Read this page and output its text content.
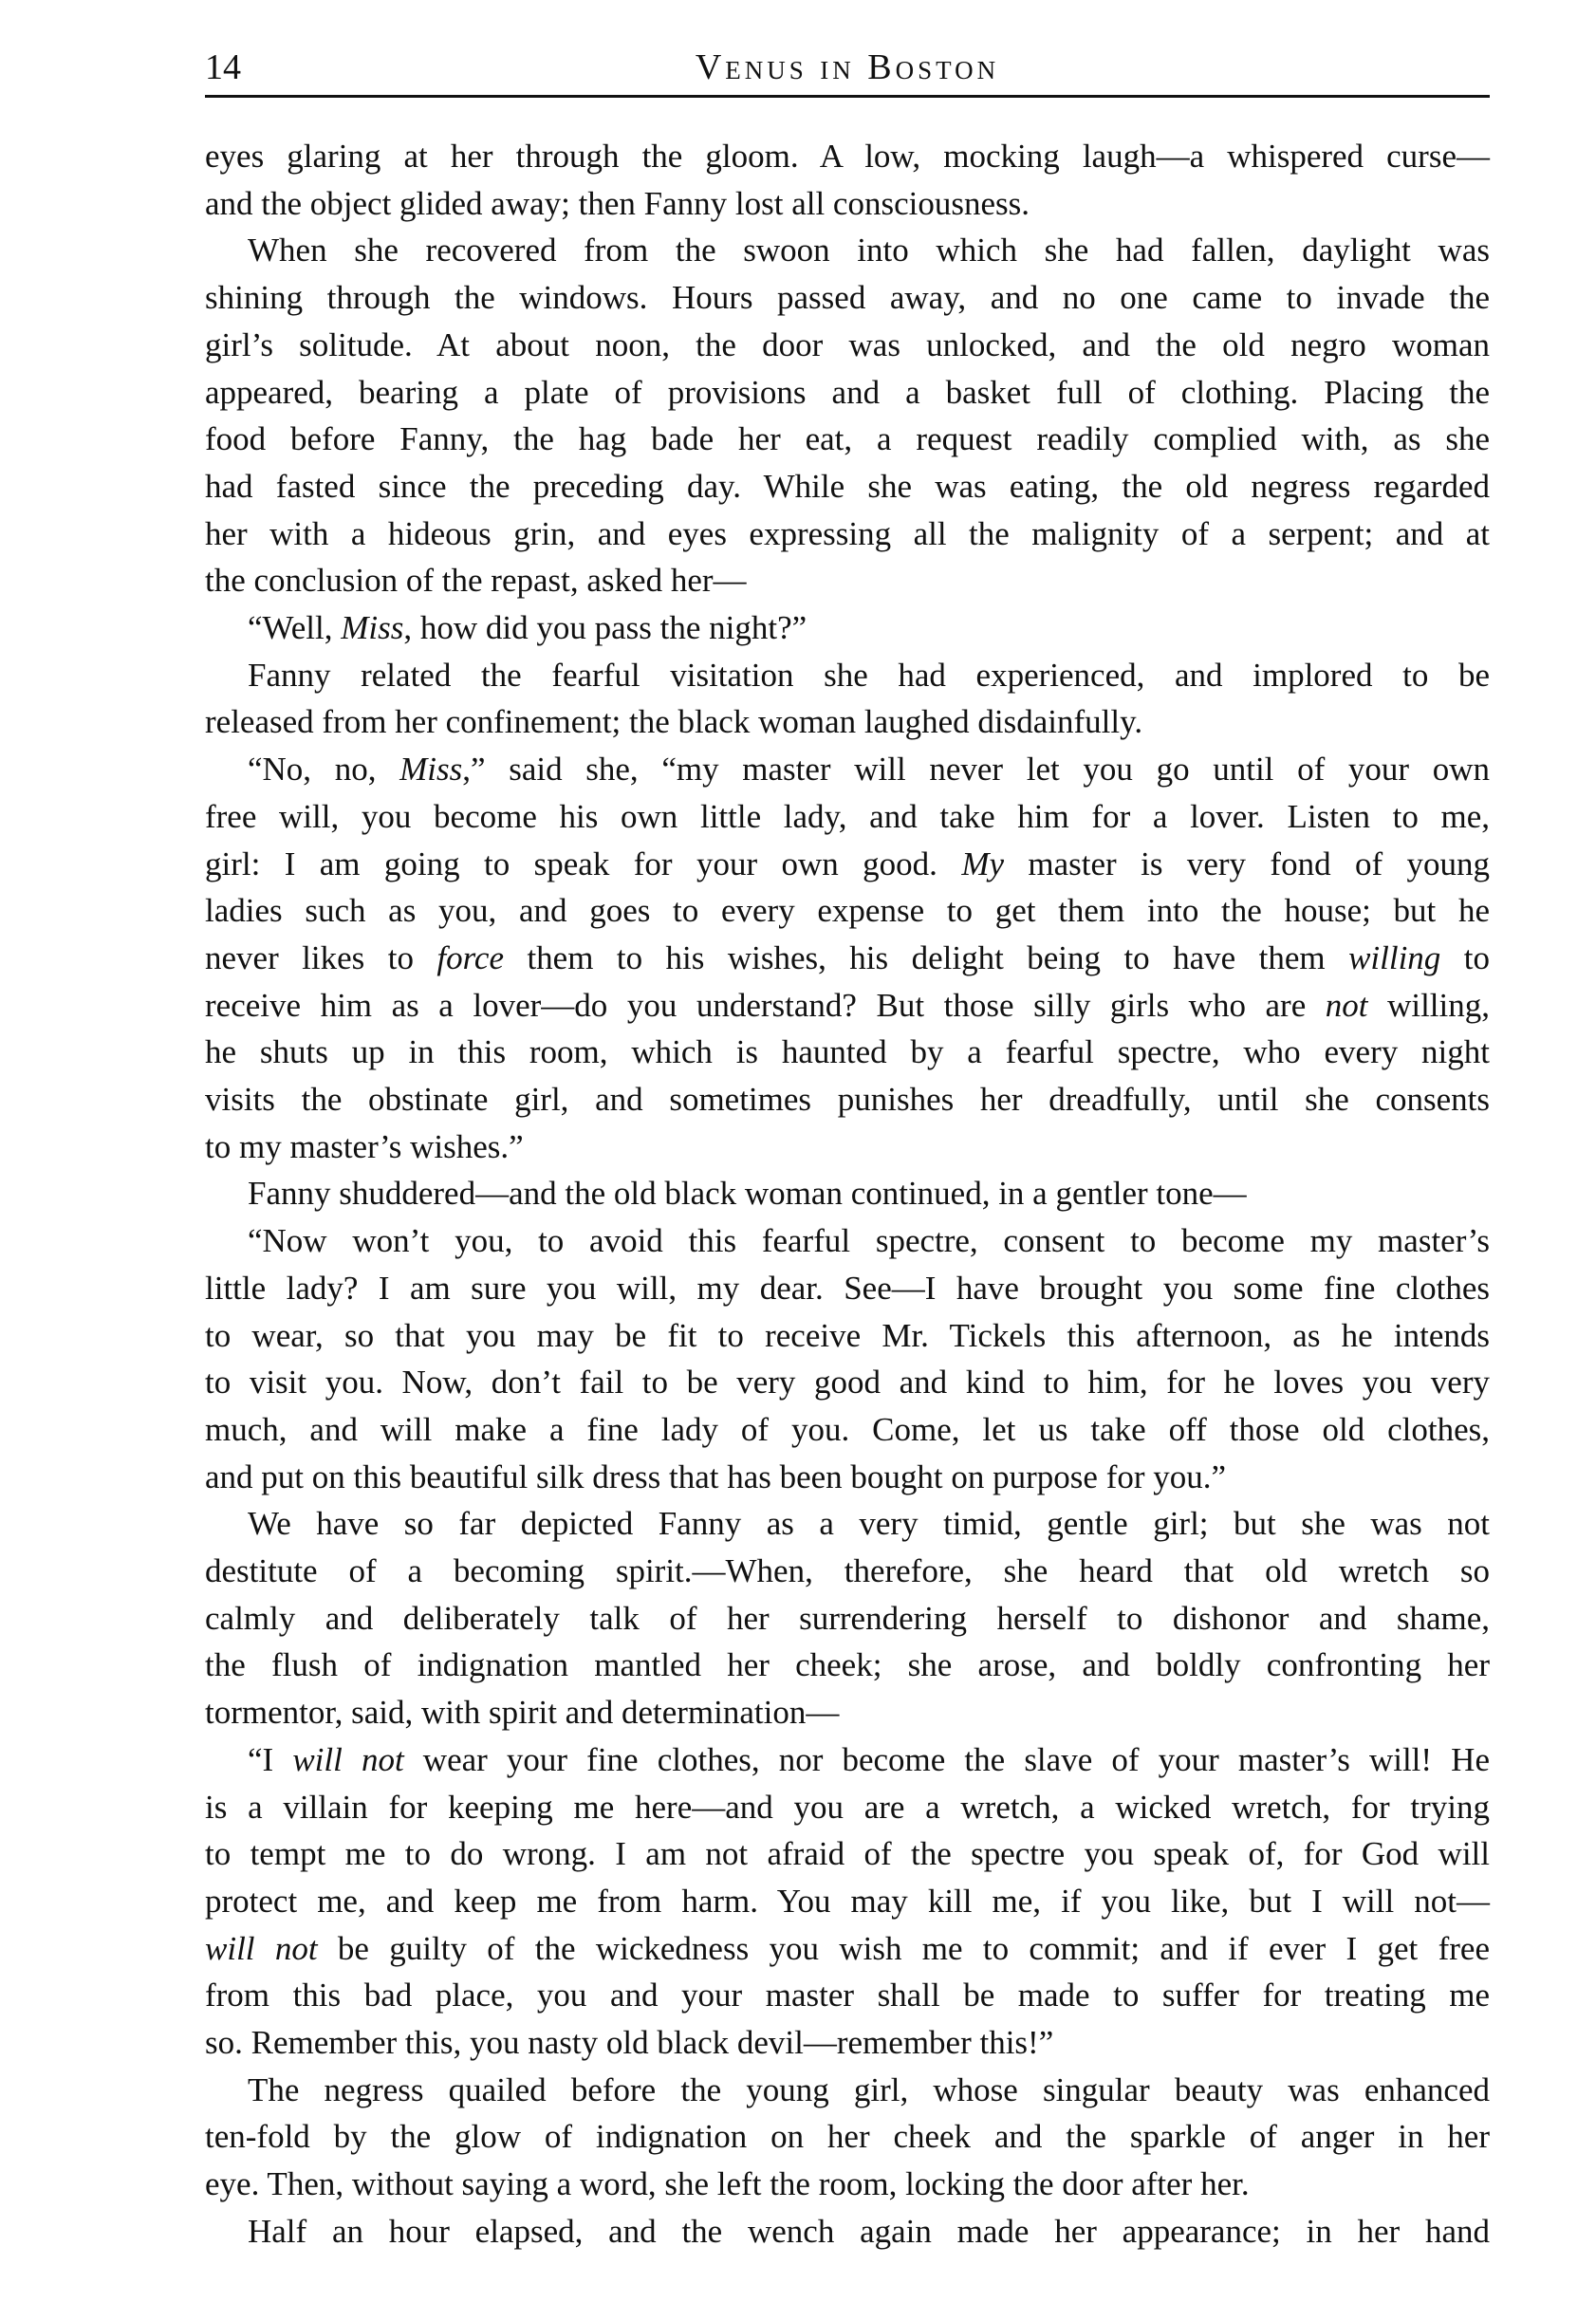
14	Venus in Boston
eyes glaring at her through the gloom. A low, mocking laugh—a whispered curse—
and the object glided away; then Fanny lost all consciousness.
When she recovered from the swoon into which she had fallen, daylight was
shining through the windows. Hours passed away, and no one came to invade the
girl’s solitude. At about noon, the door was unlocked, and the old negro woman
appeared, bearing a plate of provisions and a basket full of clothing. Placing the
food before Fanny, the hag bade her eat, a request readily complied with, as she
had fasted since the preceding day. While she was eating, the old negress regarded
her with a hideous grin, and eyes expressing all the malignity of a serpent; and at
the conclusion of the repast, asked her—
“Well, Miss, how did you pass the night?”
Fanny related the fearful visitation she had experienced, and implored to be
released from her confinement; the black woman laughed disdainfully.
“No, no, Miss,” said she, “my master will never let you go until of your own
free will, you become his own little lady, and take him for a lover. Listen to me,
girl: I am going to speak for your own good. My master is very fond of young
ladies such as you, and goes to every expense to get them into the house; but he
never likes to force them to his wishes, his delight being to have them willing to
receive him as a lover—do you understand? But those silly girls who are not willing,
he shuts up in this room, which is haunted by a fearful spectre, who every night
visits the obstinate girl, and sometimes punishes her dreadfully, until she consents
to my master’s wishes.”
Fanny shuddered—and the old black woman continued, in a gentler tone—
“Now won’t you, to avoid this fearful spectre, consent to become my master’s
little lady? I am sure you will, my dear. See—I have brought you some fine clothes
to wear, so that you may be fit to receive Mr. Tickels this afternoon, as he intends
to visit you. Now, don’t fail to be very good and kind to him, for he loves you very
much, and will make a fine lady of you. Come, let us take off those old clothes,
and put on this beautiful silk dress that has been bought on purpose for you.”
We have so far depicted Fanny as a very timid, gentle girl; but she was not
destitute of a becoming spirit.—When, therefore, she heard that old wretch so
calmly and deliberately talk of her surrendering herself to dishonor and shame,
the flush of indignation mantled her cheek; she arose, and boldly confronting her
tormentor, said, with spirit and determination—
“I will not wear your fine clothes, nor become the slave of your master’s will! He
is a villain for keeping me here—and you are a wretch, a wicked wretch, for trying
to tempt me to do wrong. I am not afraid of the spectre you speak of, for God will
protect me, and keep me from harm. You may kill me, if you like, but I will not—
will not be guilty of the wickedness you wish me to commit; and if ever I get free
from this bad place, you and your master shall be made to suffer for treating me
so. Remember this, you nasty old black devil—remember this!”
The negress quailed before the young girl, whose singular beauty was enhanced
ten-fold by the glow of indignation on her cheek and the sparkle of anger in her
eye. Then, without saying a word, she left the room, locking the door after her.
Half an hour elapsed, and the wench again made her appearance; in her hand
